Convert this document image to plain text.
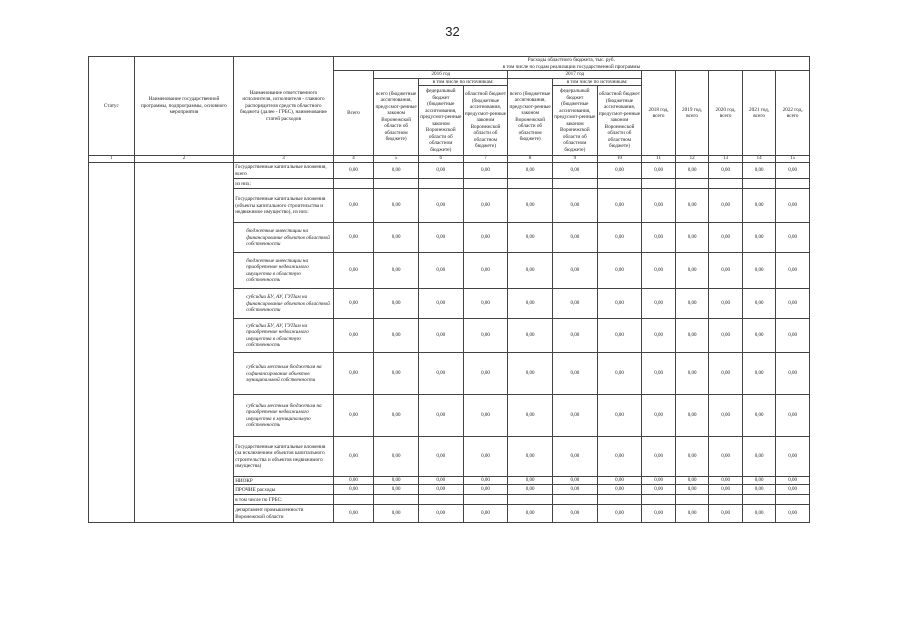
32
Статус	Наименование государственной программы, подпрограммы, основного мероприятия	Наименование ответственного исполнителя, исполнителя - главного распорядителя средств областного бюджета (далее - ГРБС), наименование статей расходов	Расходы областного бюджета, тыс. руб.
в том числе по годам реализации государственной программы											
			Всего	2016 год			2017 год			2018 год, всего	2019 год, всего	2020 год, всего	2021 год, всего	2022 год, всего
				всего (бюджетные ассигнования, предусмот-ренные законом Воронежской области об областном бюджете)	в том числе по источникам:		всего (бюджетные ассигнования, предусмот-ренные законом Воронежской области об областном бюджете)	в том числе по источникам:						
					федеральный бюджет (бюджетные ассигнования, предусмот-ренные законом Воронежской области об областном бюджете)	областной бюджет (бюджетные ассигнования, предусмот-ренные законом Воронежской области об областном бюджете)		федеральный бюджет (бюджетные ассигнования, предусмот-ренные законом Воронежской области об областном бюджете)	областной бюджет (бюджетные ассигнования, предусмот-ренные законом Воронежской области об областном бюджете)					
1	2	3	4	5	6	7	8	9	10	11	12	13	14	15
		Государственные капитальные вложения, всего	0,00	0,00	0,00	0,00	0,00	0,00	0,00	0,00	0,00	0,00	0,00	0,00
		из них:												
		Государственные капитальные вложения (объекты капитального строительства и недвижимое имущество), из них:	0,00	0,00	0,00	0,00	0,00	0,00	0,00	0,00	0,00	0,00	0,00	0,00
		бюджетные инвестиции на финансирование объектов областной собственности	0,00	0,00	0,00	0,00	0,00	0,00	0,00	0,00	0,00	0,00	0,00	0,00
		бюджетные инвестиции на приобретение недвижимого имущества в областную собственность	0,00	0,00	0,00	0,00	0,00	0,00	0,00	0,00	0,00	0,00	0,00	0,00
		субсидии БУ, АУ, ГУПам на финансирование объектов областной собственности	0,00	0,00	0,00	0,00	0,00	0,00	0,00	0,00	0,00	0,00	0,00	0,00
		субсидии БУ, АУ, ГУПам на приобретение недвижимого имущества в областную собственность	0,00	0,00	0,00	0,00	0,00	0,00	0,00	0,00	0,00	0,00	0,00	0,00
		субсидии местным бюджетам на софинансирование объектов муниципальной собственности	0,00	0,00	0,00	0,00	0,00	0,00	0,00	0,00	0,00	0,00	0,00	0,00
		субсидии местным бюджетам на приобретение недвижимого имущества в муниципальную собственность	0,00	0,00	0,00	0,00	0,00	0,00	0,00	0,00	0,00	0,00	0,00	0,00
		Государственные капитальные вложения (за исключением объектов капитального строительства и объектов недвижимого имущества)	0,00	0,00	0,00	0,00	0,00	0,00	0,00	0,00	0,00	0,00	0,00	0,00
		НИОКР	0,00	0,00	0,00	0,00	0,00	0,00	0,00	0,00	0,00	0,00	0,00	0,00
		ПРОЧИЕ расходы	0,00	0,00	0,00	0,00	0,00	0,00	0,00	0,00	0,00	0,00	0,00	0,00
		в том числе по ГРБС:												
		департамент промышленности Воронежской области	0,00	0,00	0,00	0,00	0,00	0,00	0,00	0,00	0,00	0,00	0,00	0,00
